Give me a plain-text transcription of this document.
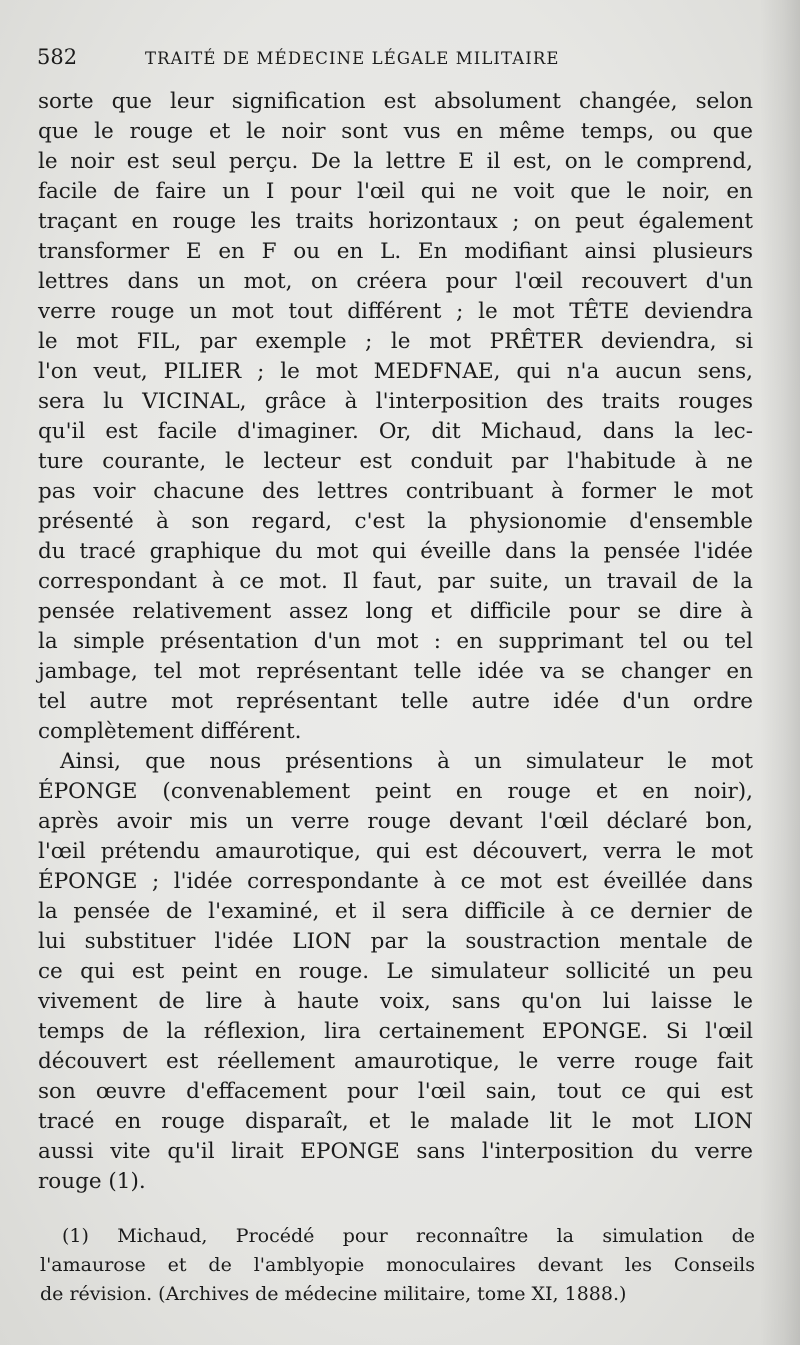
582	TRAITÉ DE MÉDECINE LÉGALE MILITAIRE
sorte que leur signification est absolument changée, selon
que le rouge et le noir sont vus en même temps, ou que
le noir est seul perçu. De la lettre E il est, on le comprend,
facile de faire un I pour l'œil qui ne voit que le noir, en
traçant en rouge les traits horizontaux ; on peut également
transformer E en F ou en L. En modifiant ainsi plusieurs
lettres dans un mot, on créera pour l'œil recouvert d'un
verre rouge un mot tout différent ; le mot TÊTE deviendra
le mot FIL, par exemple ; le mot PRÊTER deviendra, si
l'on veut, PILIER ; le mot MEDFNAE, qui n'a aucun sens,
sera lu VICINAL, grâce à l'interposition des traits rouges
qu'il est facile d'imaginer. Or, dit Michaud, dans la lec-
ture courante, le lecteur est conduit par l'habitude à ne
pas voir chacune des lettres contribuant à former le mot
présenté à son regard, c'est la physionomie d'ensemble
du tracé graphique du mot qui éveille dans la pensée l'idée
correspondant à ce mot. Il faut, par suite, un travail de la
pensée relativement assez long et difficile pour se dire à
la simple présentation d'un mot : en supprimant tel ou tel
jambage, tel mot représentant telle idée va se changer en
tel autre mot représentant telle autre idée d'un ordre
complètement différent.
Ainsi, que nous présentions à un simulateur le mot
ÉPONGE (convenablement peint en rouge et en noir),
après avoir mis un verre rouge devant l'œil déclaré bon,
l'œil prétendu amaurotique, qui est découvert, verra le mot
ÉPONGE ; l'idée correspondante à ce mot est éveillée dans
la pensée de l'examiné, et il sera difficile à ce dernier de
lui substituer l'idée LION par la soustraction mentale de
ce qui est peint en rouge. Le simulateur sollicité un peu
vivement de lire à haute voix, sans qu'on lui laisse le
temps de la réflexion, lira certainement EPONGE. Si l'œil
découvert est réellement amaurotique, le verre rouge fait
son œuvre d'effacement pour l'œil sain, tout ce qui est
tracé en rouge disparaît, et le malade lit le mot LION
aussi vite qu'il lirait EPONGE sans l'interposition du verre
rouge (1).
(1) Michaud, Procédé pour reconnaître la simulation de
l'amaurose et de l'amblyopie monoculaires devant les Conseils
de révision. (Archives de médecine militaire, tome XI, 1888.)
